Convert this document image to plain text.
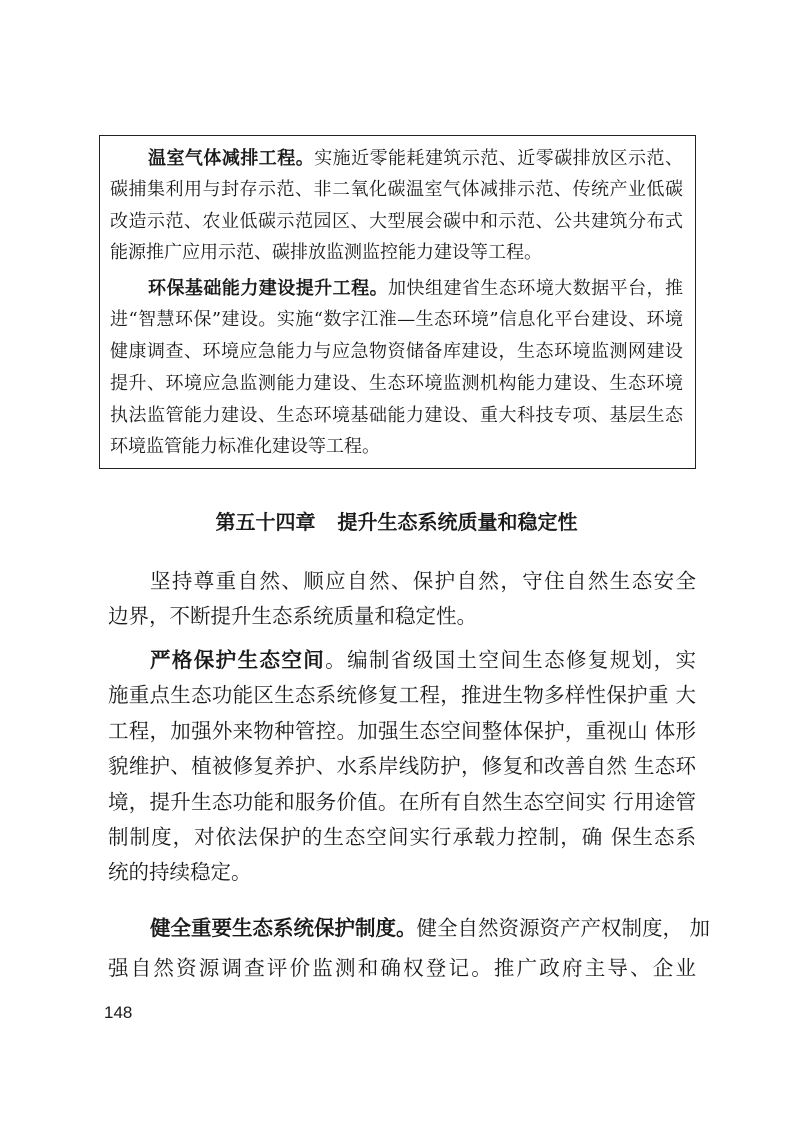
温室气体减排工程。实施近零能耗建筑示范、近零碳排放区示范、
碳捕集利用与封存示范、非二氧化碳温室气体减排示范、传统产业低碳
改造示范、农业低碳示范园区、大型展会碳中和示范、公共建筑分布式
能源推广应用示范、碳排放监测监控能力建设等工程。
环保基础能力建设提升工程。加快组建省生态环境大数据平台，推
进“智慧环保”建设。实施“数字江淮—生态环境”信息化平台建设、环境
健康调查、环境应急能力与应急物资储备库建设，生态环境监测网建设
提升、环境应急监测能力建设、生态环境监测机构能力建设、生态环境
执法监管能力建设、生态环境基础能力建设、重大科技专项、基层生态
环境监管能力标准化建设等工程。
第五十四章 提升生态系统质量和稳定性
坚持尊重自然、顺应自然、保护自然，守住自然生态安全
边界，不断提升生态系统质量和稳定性。
严格保护生态空间。编制省级国土空间生态修复规划，实
施重点生态功能区生态系统修复工程，推进生物多样性保护重 大
工程，加强外来物种管控。加强生态空间整体保护，重视山 体形
貌维护、植被修复养护、水系岸线防护，修复和改善自然 生态环
境，提升生态功能和服务价值。在所有自然生态空间实 行用途管
制制度，对依法保护的生态空间实行承载力控制，确 保生态系
统的持续稳定。
健全重要生态系统保护制度。健全自然资源资产产权制度， 加
强自然资源调查评价监测和确权登记。推广政府主导、企业
148
